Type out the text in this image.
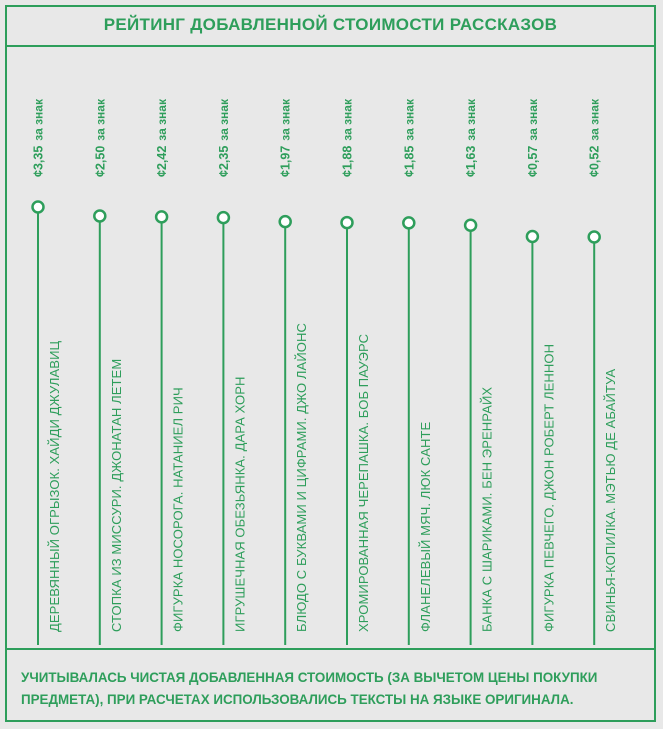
РЕЙТИНГ ДОБАВЛЕННОЙ СТОИМОСТИ РАССКАЗОВ
¢3,35за знак
ДЕРЕВЯННЫЙ ОГРЫЗОК. ХАЙДИ ДЖУЛАВИЦ
¢2,50за знак
СТОПКА ИЗ МИССУРИ. ДЖОНАТАН ЛЕТЕМ
¢2,42за знак
ФИГУРКА НОСОРОГА. НАТАНИЕЛ РИЧ
¢2,35за знак
ИГРУШЕЧНАЯ ОБЕЗЬЯНКА. ДАРА ХОРН
¢1,97за знак
БЛЮДО С БУКВАМИ И ЦИФРАМИ. ДЖО ЛАЙОНС
¢1,88за знак
ХРОМИРОВАННАЯ ЧЕРЕПАШКА. БОБ ПАУЭРС
¢1,85за знак
ФЛАНЕЛЕВЫЙ МЯЧ. ЛЮК САНТЕ
¢1,63за знак
БАНКА С ШАРИКАМИ. БЕН ЭРЕНРАЙХ
¢0,57за знак
ФИГУРКА ПЕВЧЕГО. ДЖОН РОБЕРТ ЛЕННОН
¢0,52за знак
СВИНЬЯ-КОПИЛКА. МЭТЬЮ ДЕ АБАЙТУА
УЧИТЫВАЛАСЬ ЧИСТАЯ ДОБАВЛЕННАЯ СТОИМОСТЬ (ЗА ВЫЧЕТОМ ЦЕНЫ ПОКУПКИ ПРЕДМЕТА), ПРИ РАСЧЕТАХ ИСПОЛЬЗОВАЛИСЬ ТЕКСТЫ НА ЯЗЫКЕ ОРИГИНАЛА.
